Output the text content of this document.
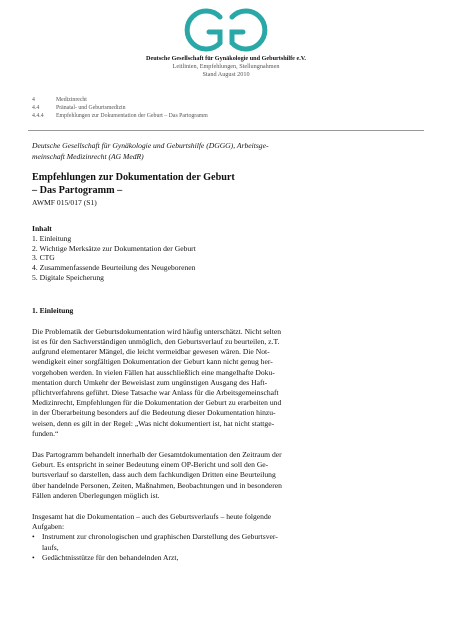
Deutsche Gesellschaft für Gynäkologie und Geburtshilfe e.V.
Leitlinien, Empfehlungen, Stellungnahmen
Stand August 2010
4	Medizinrecht
4.4	Pränatal- und Geburtsmedizin
4.4.4	Empfehlungen zur Dokumentation der Geburt – Das Partogramm
Deutsche Gesellschaft für Gynäkologie und Geburtshilfe (DGGG), Arbeitsge-
meinschaft Medizinrecht (AG MedR)
Empfehlungen zur Dokumentation der Geburt
– Das Partogramm –
AWMF 015/017 (S1)
Inhalt
1. Einleitung
2. Wichtige Merksätze zur Dokumentation der Geburt
3. CTG
4. Zusammenfassende Beurteilung des Neugeborenen
5. Digitale Speicherung
1. Einleitung
Die Problematik der Geburtsdokumentation wird häufig unterschätzt. Nicht selten
ist es für den Sachverständigen unmöglich, den Geburtsverlauf zu beurteilen, z.T.
aufgrund elementarer Mängel, die leicht vermeidbar gewesen wären. Die Not-
wendigkeit einer sorgfältigen Dokumentation der Geburt kann nicht genug her-
vorgehoben werden. In vielen Fällen hat ausschließlich eine mangelhafte Doku-
mentation durch Umkehr der Beweislast zum ungünstigen Ausgang des Haft-
pflichtverfahrens geführt. Diese Tatsache war Anlass für die Arbeitsgemeinschaft
Medizinrecht, Empfehlungen für die Dokumentation der Geburt zu erarbeiten und
in der Überarbeitung besonders auf die Bedeutung dieser Dokumentation hinzu-
weisen, denn es gilt in der Regel: „Was nicht dokumentiert ist, hat nicht stattge-
funden.“
Das Partogramm behandelt innerhalb der Gesamtdokumentation den Zeitraum der
Geburt. Es entspricht in seiner Bedeutung einem OP-Bericht und soll den Ge-
burtsverlauf so darstellen, dass auch dem fachkundigen Dritten eine Beurteilung
über handelnde Personen, Zeiten, Maßnahmen, Beobachtungen und in besonderen
Fällen anderen Überlegungen möglich ist.
Insgesamt hat die Dokumentation – auch des Geburtsverlaufs – heute folgende
Aufgaben:
• Instrument zur chronologischen und graphischen Darstellung des Geburtsver-
laufs,
• Gedächtnisstütze für den behandelnden Arzt,
